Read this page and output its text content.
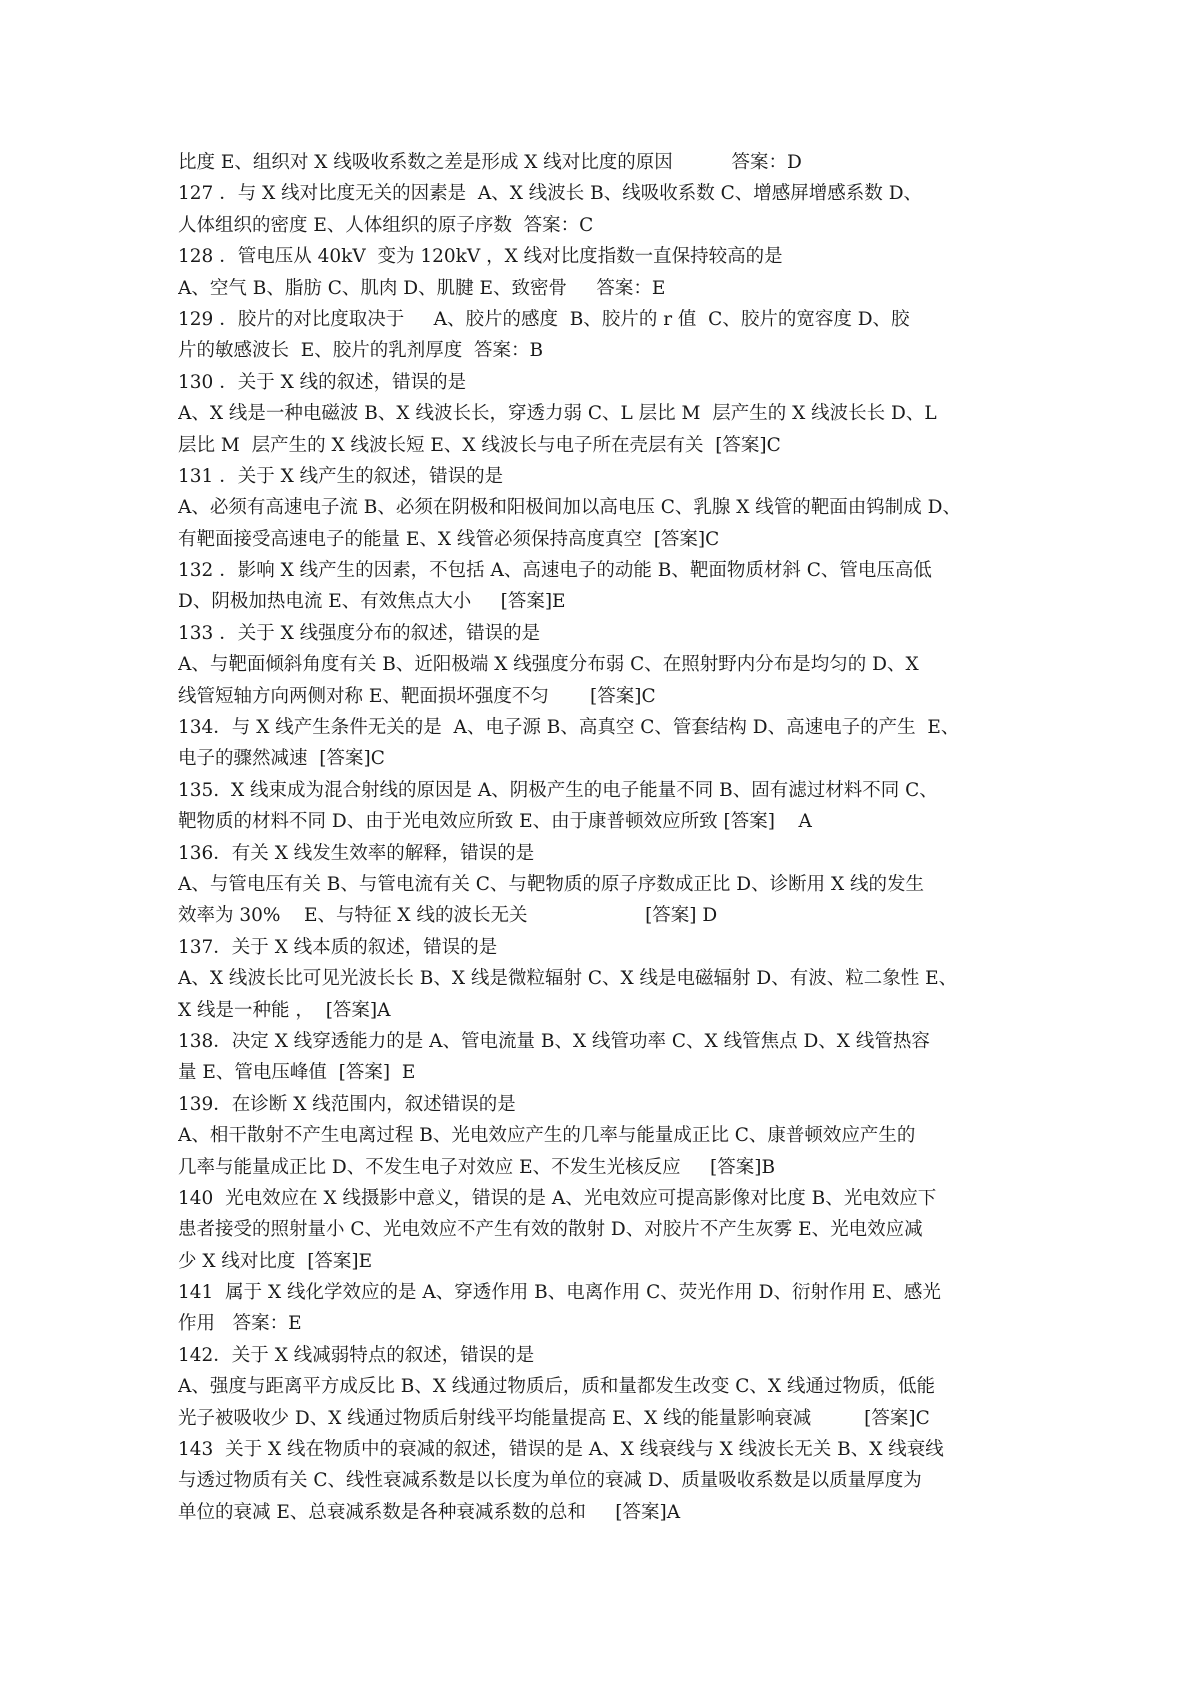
比度 E、组织对 X 线吸收系数之差是形成 X 线对比度的原因          答案：D
127 ．与 X 线对比度无关的因素是  A、X 线波长 B、线吸收系数 C、增感屏增感系数 D、
人体组织的密度 E、人体组织的原子序数  答案：C
128 ．管电压从 40kV  变为 120kV ，X 线对比度指数一直保持较高的是
A、空气 B、脂肪 C、肌肉 D、肌腱 E、致密骨     答案：E
129 ．胶片的对比度取决于     A、胶片的感度  B、胶片的 r 值  C、胶片的宽容度 D、胶
片的敏感波长  E、胶片的乳剂厚度  答案：B
130 ．关于 X 线的叙述，错误的是
A、X 线是一种电磁波 B、X 线波长长，穿透力弱 C、L 层比 M  层产生的 X 线波长长 D、L
层比 M  层产生的 X 线波长短 E、X 线波长与电子所在壳层有关  [答案]C
131 ．关于 X 线产生的叙述，错误的是
A、必须有高速电子流 B、必须在阴极和阳极间加以高电压 C、乳腺 X 线管的靶面由钨制成 D、
有靶面接受高速电子的能量 E、X 线管必须保持高度真空  [答案]C
132 ．影响 X 线产生的因素，不包括 A、高速电子的动能 B、靶面物质材斜 C、管电压高低
D、阴极加热电流 E、有效焦点大小     [答案]E
133 ．关于 X 线强度分布的叙述，错误的是
A、与靶面倾斜角度有关 B、近阳极端 X 线强度分布弱 C、在照射野内分布是均匀的 D、X
线管短轴方向两侧对称 E、靶面损坏强度不匀       [答案]C
134．与 X 线产生条件无关的是  A、电子源 B、高真空 C、管套结构 D、高速电子的产生  E、
电子的骤然减速  [答案]C
135.  X 线束成为混合射线的原因是 A、阴极产生的电子能量不同 B、固有滤过材料不同 C、
靶物质的材料不同 D、由于光电效应所致 E、由于康普顿效应所致 [答案]    A
136．有关 X 线发生效率的解释，错误的是
A、与管电压有关 B、与管电流有关 C、与靶物质的原子序数成正比 D、诊断用 X 线的发生
效率为 30%    E、与特征 X 线的波长无关                    [答案] D
137．关于 X 线本质的叙述，错误的是
A、X 线波长比可见光波长长 B、X 线是微粒辐射 C、X 线是电磁辐射 D、有波、粒二象性 E、
X 线是一种能 ，  [答案]A
138．决定 X 线穿透能力的是 A、管电流量 B、X 线管功率 C、X 线管焦点 D、X 线管热容
量 E、管电压峰值  [答案]  E
139．在诊断 X 线范围内，叙述错误的是
A、相干散射不产生电离过程 B、光电效应产生的几率与能量成正比 C、康普顿效应产生的
几率与能量成正比 D、不发生电子对效应 E、不发生光核反应     [答案]B
140  光电效应在 X 线摄影中意义，错误的是 A、光电效应可提高影像对比度 B、光电效应下
患者接受的照射量小 C、光电效应不产生有效的散射 D、对胶片不产生灰雾 E、光电效应减
少 X 线对比度  [答案]E
141  属于 X 线化学效应的是 A、穿透作用 B、电离作用 C、荧光作用 D、衍射作用 E、感光
作用   答案：E
142．关于 X 线减弱特点的叙述，错误的是
A、强度与距离平方成反比 B、X 线通过物质后，质和量都发生改变 C、X 线通过物质，低能
光子被吸收少 D、X 线通过物质后射线平均能量提高 E、X 线的能量影响衰减         [答案]C
143  关于 X 线在物质中的衰减的叙述，错误的是 A、X 线衰线与 X 线波长无关 B、X 线衰线
与透过物质有关 C、线性衰减系数是以长度为单位的衰减 D、质量吸收系数是以质量厚度为
单位的衰减 E、总衰减系数是各种衰减系数的总和     [答案]A
